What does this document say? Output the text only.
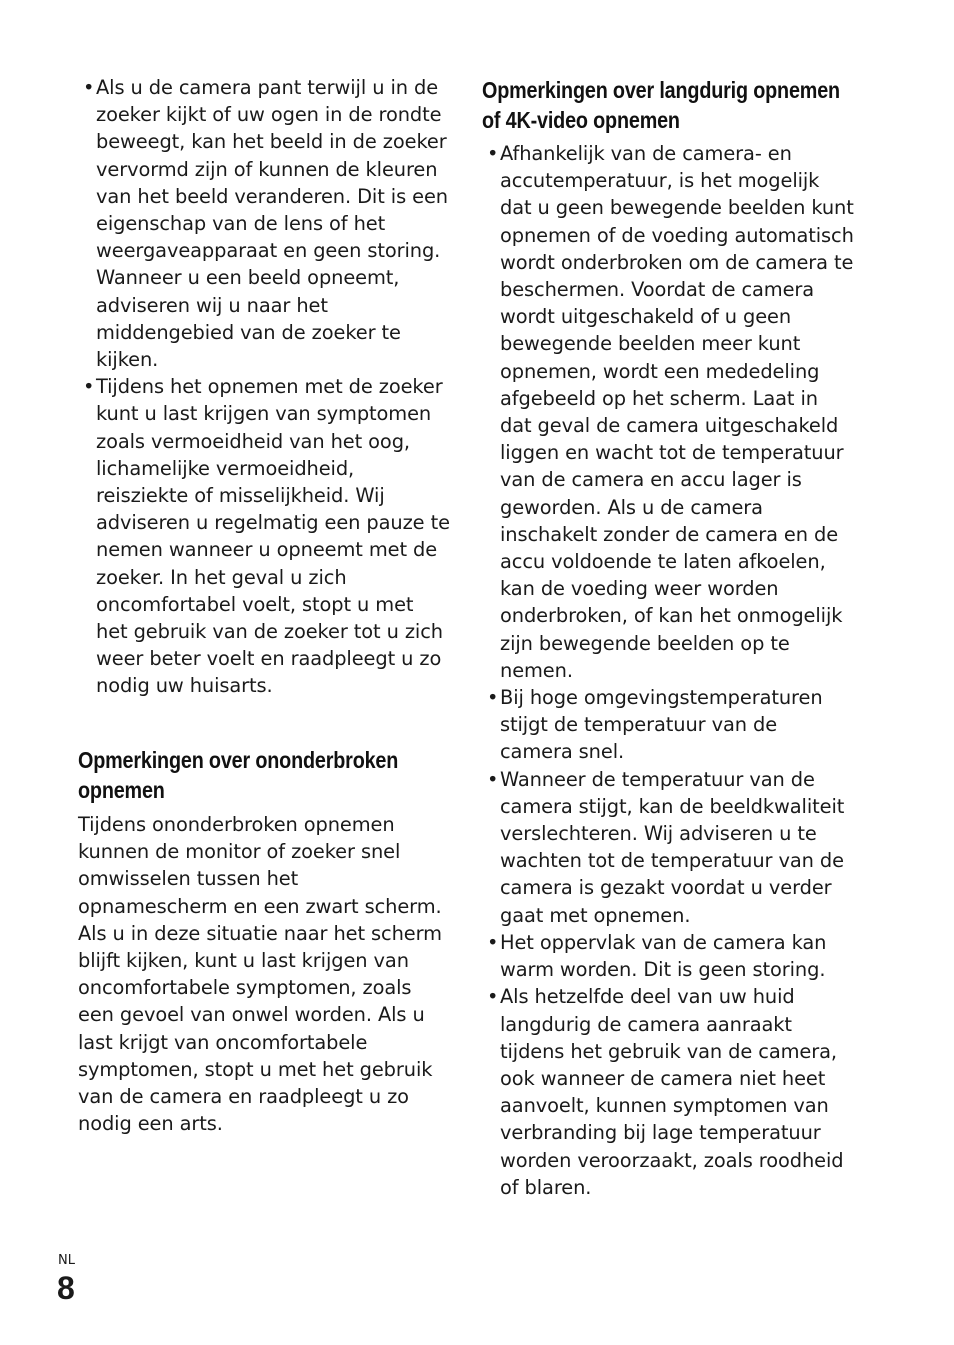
• Als u de camera pant terwijl u in de zoeker kijkt of uw ogen in de rondte beweegt, kan het beeld in de zoeker vervormd zijn of kunnen de kleuren van het beeld veranderen. Dit is een eigenschap van de lens of het weergaveapparaat en geen storing. Wanneer u een beeld opneemt, adviseren wij u naar het middengebied van de zoeker te kijken.
• Tijdens het opnemen met de zoeker kunt u last krijgen van symptomen zoals vermoeidheid van het oog, lichamelijke vermoeidheid, reisziekte of misselijkheid. Wij adviseren u regelmatig een pauze te nemen wanneer u opneemt met de zoeker. In het geval u zich oncomfortabel voelt, stopt u met het gebruik van de zoeker tot u zich weer beter voelt en raadpleegt u zo nodig uw huisarts.
Opmerkingen over ononderbroken opnemen

Tijdens ononderbroken opnemen kunnen de monitor of zoeker snel omwisselen tussen het opnamescherm en een zwart scherm. Als u in deze situatie naar het scherm blijft kijken, kunt u last krijgen van oncomfortabele symptomen, zoals een gevoel van onwel worden. Als u last krijgt van oncomfortabele symptomen, stopt u met het gebruik van de camera en raadpleegt u zo nodig een arts.

Opmerkingen over langdurig opnemen of 4K-video opnemen
• Afhankelijk van de camera- en accutemperatuur, is het mogelijk dat u geen bewegende beelden kunt opnemen of de voeding automatisch wordt onderbroken om de camera te beschermen. Voordat de camera wordt uitgeschakeld of u geen bewegende beelden meer kunt opnemen, wordt een mededeling afgebeeld op het scherm. Laat in dat geval de camera uitgeschakeld liggen en wacht tot de temperatuur van de camera en accu lager is geworden. Als u de camera inschakelt zonder de camera en de accu voldoende te laten afkoelen, kan de voeding weer worden onderbroken, of kan het onmogelijk zijn bewegende beelden op te nemen.
• Bij hoge omgevingstemperaturen stijgt de temperatuur van de camera snel.
• Wanneer de temperatuur van de camera stijgt, kan de beeldkwaliteit verslechteren. Wij adviseren u te wachten tot de temperatuur van de camera is gezakt voordat u verder gaat met opnemen.
• Het oppervlak van de camera kan warm worden. Dit is geen storing.
• Als hetzelfde deel van uw huid langdurig de camera aanraakt tijdens het gebruik van de camera, ook wanneer de camera niet heet aanvoelt, kunnen symptomen van verbranding bij lage temperatuur worden veroorzaakt, zoals roodheid of blaren.
NL
8
